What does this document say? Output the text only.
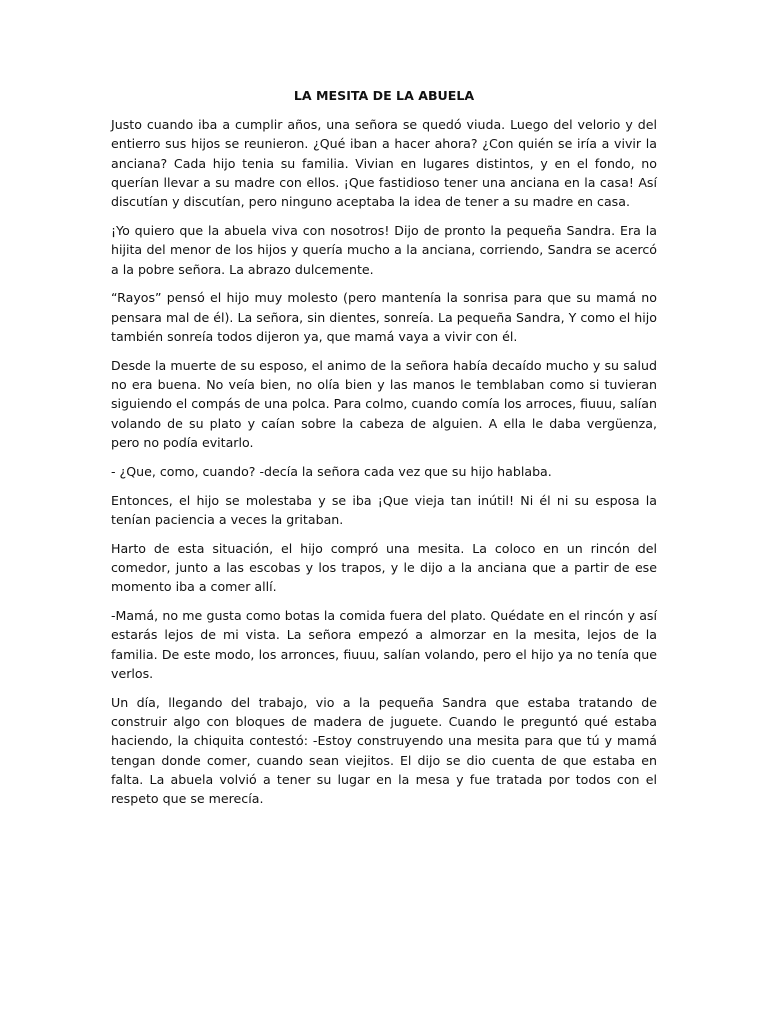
LA MESITA DE LA ABUELA

Justo cuando iba a cumplir años, una señora se quedó viuda. Luego del velorio y del entierro sus hijos se reunieron. ¿Qué iban a hacer ahora? ¿Con quién se iría a vivir la anciana? Cada hijo tenia su familia. Vivian en lugares distintos, y en el fondo, no querían llevar a su madre con ellos. ¡Que fastidioso tener una anciana en la casa! Así discutían y discutían, pero ninguno aceptaba la idea de tener a su madre en casa.

¡Yo quiero que la abuela viva con nosotros! Dijo de pronto la pequeña Sandra. Era la hijita del menor de los hijos y quería mucho a la anciana, corriendo, Sandra se acercó a la pobre señora. La abrazo dulcemente.

“Rayos” pensó el hijo muy molesto (pero mantenía la sonrisa para que su mamá no pensara mal de él). La señora, sin dientes, sonreía. La pequeña Sandra, Y como el hijo también sonreía todos dijeron ya, que mamá vaya a vivir con él.

Desde la muerte de su esposo, el animo de la señora había decaído mucho y su salud no era buena. No veía bien, no olía bien y las manos le temblaban como si tuvieran siguiendo el compás de una polca. Para colmo, cuando comía los arroces, fiuuu, salían volando de su plato y caían sobre la cabeza de alguien. A ella le daba vergüenza, pero no podía evitarlo.

- ¿Que, como, cuando? -decía la señora cada vez que su hijo hablaba.

Entonces, el hijo se molestaba y se iba ¡Que vieja tan inútil! Ni él ni su esposa la tenían paciencia a veces la gritaban.

Harto de esta situación, el hijo compró una mesita. La coloco en un rincón del comedor, junto a las escobas y los trapos, y le dijo a la anciana que a partir de ese momento iba a comer allí.

-Mamá, no me gusta como botas la comida fuera del plato. Quédate en el rincón y así estarás lejos de mi vista. La señora empezó a almorzar en la mesita, lejos de la familia. De este modo, los arronces, fiuuu, salían volando, pero el hijo ya no tenía que verlos.

Un día, llegando del trabajo, vio a la pequeña Sandra que estaba tratando de construir algo con bloques de madera de juguete. Cuando le preguntó qué estaba haciendo, la chiquita contestó: -Estoy construyendo una mesita para que tú y mamá tengan donde comer, cuando sean viejitos. El dijo se dio cuenta de que estaba en falta. La abuela volvió a tener su lugar en la mesa y fue tratada por todos con el respeto que se merecía.
